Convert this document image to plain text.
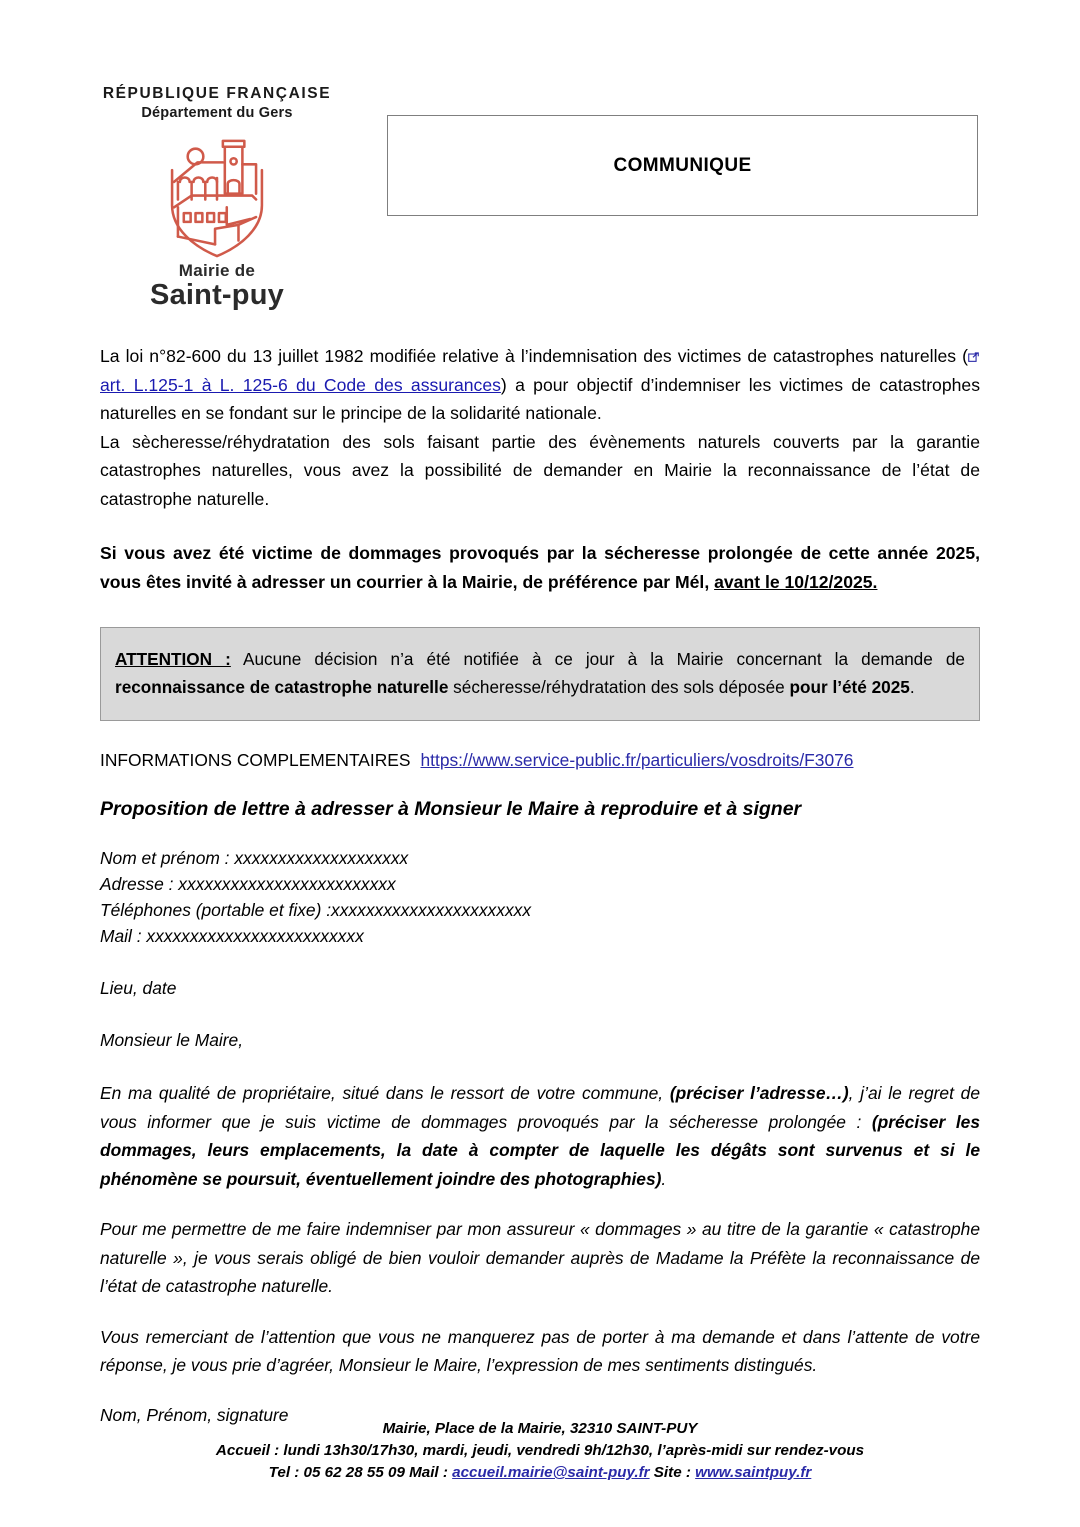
RÉPUBLIQUE FRANÇAISE
Département du Gers
Mairie de
Saint-puy
COMMUNIQUE

La loi n°82-600 du 13 juillet 1982 modifiée relative à l’indemnisation des victimes de catastrophes naturelles (art. L.125-1 à L. 125-6 du Code des assurances) a pour objectif d’indemniser les victimes de catastrophes naturelles en se fondant sur le principe de la solidarité nationale.

La sècheresse/réhydratation des sols faisant partie des évènements naturels couverts par la garantie catastrophes naturelles, vous avez la possibilité de demander en Mairie la reconnaissance de l’état de catastrophe naturelle.

Si vous avez été victime de dommages provoqués par la sécheresse prolongée de cette année 2025, vous êtes invité à adresser un courrier à la Mairie, de préférence par Mél, avant le 10/12/2025.

ATTENTION : Aucune décision n’a été notifiée à ce jour à la Mairie concernant la demande de reconnaissance de catastrophe naturelle sécheresse/réhydratation des sols déposée pour l’été 2025.

INFORMATIONS COMPLEMENTAIRES https://www.service-public.fr/particuliers/vosdroits/F3076
Proposition de lettre à adresser à Monsieur le Maire à reproduire et à signer
Nom et prénom : xxxxxxxxxxxxxxxxxxxx
Adresse : xxxxxxxxxxxxxxxxxxxxxxxxx
Téléphones (portable et fixe) :xxxxxxxxxxxxxxxxxxxxxxx
Mail : xxxxxxxxxxxxxxxxxxxxxxxxx
Lieu, date
Monsieur le Maire,

En ma qualité de propriétaire, situé dans le ressort de votre commune, (préciser l’adresse…), j’ai le regret de vous informer que je suis victime de dommages provoqués par la sécheresse prolongée : (préciser les dommages, leurs emplacements, la date à compter de laquelle les dégâts sont survenus et si le phénomène se poursuit, éventuellement joindre des photographies).

Pour me permettre de me faire indemniser par mon assureur « dommages » au titre de la garantie « catastrophe naturelle », je vous serais obligé de bien vouloir demander auprès de Madame la Préfète la reconnaissance de l’état de catastrophe naturelle.

Vous remerciant de l’attention que vous ne manquerez pas de porter à ma demande et dans l’attente de votre réponse, je vous prie d’agréer, Monsieur le Maire, l’expression de mes sentiments distingués.

Nom, Prénom, signature
Mairie, Place de la Mairie, 32310 SAINT-PUY
Accueil : lundi 13h30/17h30, mardi, jeudi, vendredi 9h/12h30, l’après-midi sur rendez-vous
Tel : 05 62 28 55 09 Mail : accueil.mairie@saint-puy.fr Site : www.saintpuy.fr
